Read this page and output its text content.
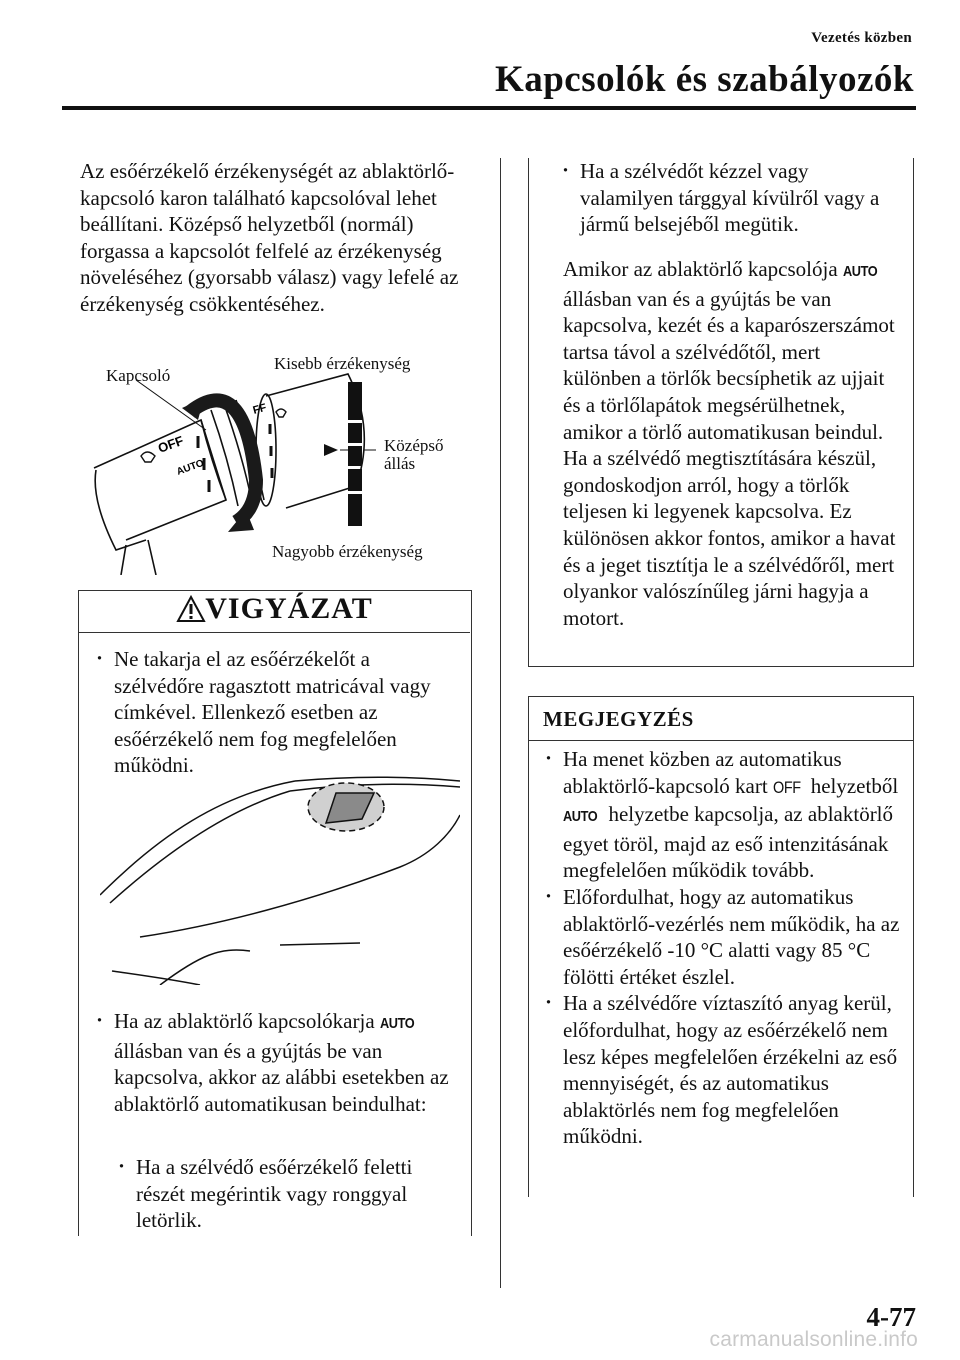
Vezetés közben
Kapcsolók és szabályozók
Az esőérzékelő érzékenységét az ablaktörlő-kapcsoló karon található kapcsolóval lehet beállítani. Középső helyzetből (normál) forgassa a kapcsolót felfelé az érzékenység növeléséhez (gyorsabb válasz) vagy lefelé az érzékenység csökkentéséhez.
OFF
AUTO
FF
Kapcsoló
Kisebb érzékenység
Középső
állás
Nagyobb érzékenység
VIGYÁZAT
· Ne takarja el az esőérzékelőt a szélvédőre ragasztott matricával vagy címkével. Ellenkező esetben az esőérzékelő nem fog megfelelően működni.
· Ha az ablaktörlő kapcsolókarja AUTO állásban van és a gyújtás be van kapcsolva, akkor az alábbi esetekben az ablaktörlő automatikusan beindulhat:
· Ha a szélvédő esőérzékelő feletti részét megérintik vagy ronggyal letörlik.
· Ha a szélvédőt kézzel vagy valamilyen tárggyal kívülről vagy a jármű belsejéből megütik.
Amikor az ablaktörlő kapcsolója AUTO állásban van és a gyújtás be van kapcsolva, kezét és a kaparószerszámot tartsa távol a szélvédőtől, mert különben a törlők becsíphetik az ujjait és a törlőlapátok megsérülhetnek, amikor a törlő automatikusan beindul. Ha a szélvédő megtisztítására készül, gondoskodjon arról, hogy a törlők teljesen ki legyenek kapcsolva. Ez különösen akkor fontos, amikor a havat és a jeget tisztítja le a szélvédőről, mert olyankor valószínűleg járni hagyja a motort.
MEGJEGYZÉS
· Ha menet közben az automatikus ablaktörlő-kapcsoló kart OFF helyzetből AUTO helyzetbe kapcsolja, az ablaktörlő egyet töröl, majd az eső intenzitásának megfelelően működik tovább.
· Előfordulhat, hogy az automatikus ablaktörlő-vezérlés nem működik, ha az esőérzékelő -10 °C alatti vagy 85 °C fölötti értéket észlel.
· Ha a szélvédőre víztaszító anyag kerül, előfordulhat, hogy az esőérzékelő nem lesz képes megfelelően érzékelni az eső mennyiségét, és az automatikus ablaktörlés nem fog megfelelően működni.
4-77
carmanualsonline.info
